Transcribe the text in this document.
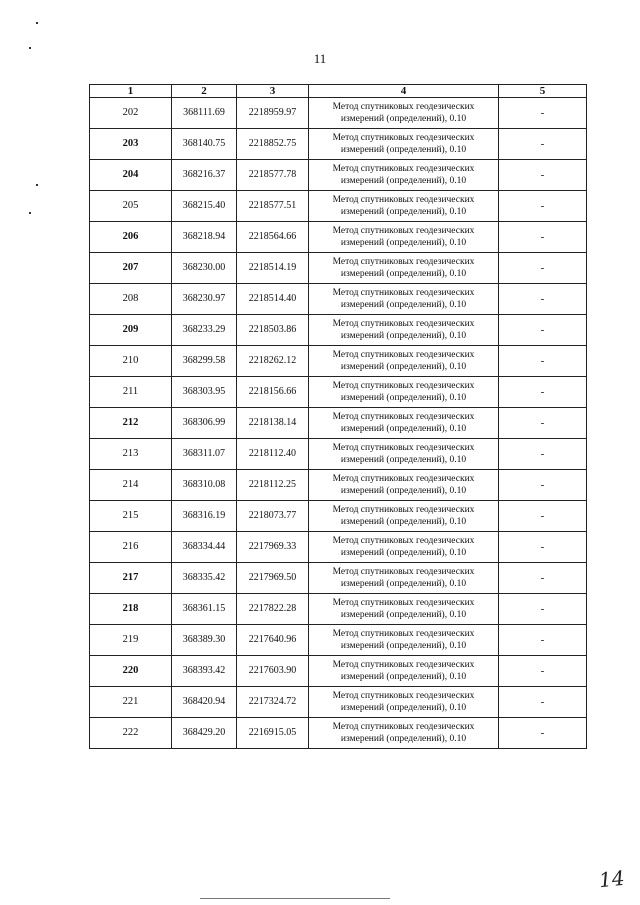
11
1	2	3	4	5
202	368111.69	2218959.97	Метод спутниковых геодезических
измерений (определений), 0.10	-
203	368140.75	2218852.75	Метод спутниковых геодезических
измерений (определений), 0.10	-
204	368216.37	2218577.78	Метод спутниковых геодезических
измерений (определений), 0.10	-
205	368215.40	2218577.51	Метод спутниковых геодезических
измерений (определений), 0.10	-
206	368218.94	2218564.66	Метод спутниковых геодезических
измерений (определений), 0.10	-
207	368230.00	2218514.19	Метод спутниковых геодезических
измерений (определений), 0.10	-
208	368230.97	2218514.40	Метод спутниковых геодезических
измерений (определений), 0.10	-
209	368233.29	2218503.86	Метод спутниковых геодезических
измерений (определений), 0.10	-
210	368299.58	2218262.12	Метод спутниковых геодезических
измерений (определений), 0.10	-
211	368303.95	2218156.66	Метод спутниковых геодезических
измерений (определений), 0.10	-
212	368306.99	2218138.14	Метод спутниковых геодезических
измерений (определений), 0.10	-
213	368311.07	2218112.40	Метод спутниковых геодезических
измерений (определений), 0.10	-
214	368310.08	2218112.25	Метод спутниковых геодезических
измерений (определений), 0.10	-
215	368316.19	2218073.77	Метод спутниковых геодезических
измерений (определений), 0.10	-
216	368334.44	2217969.33	Метод спутниковых геодезических
измерений (определений), 0.10	-
217	368335.42	2217969.50	Метод спутниковых геодезических
измерений (определений), 0.10	-
218	368361.15	2217822.28	Метод спутниковых геодезических
измерений (определений), 0.10	-
219	368389.30	2217640.96	Метод спутниковых геодезических
измерений (определений), 0.10	-
220	368393.42	2217603.90	Метод спутниковых геодезических
измерений (определений), 0.10	-
221	368420.94	2217324.72	Метод спутниковых геодезических
измерений (определений), 0.10	-
222	368429.20	2216915.05	Метод спутниковых геодезических
измерений (определений), 0.10	-
14
